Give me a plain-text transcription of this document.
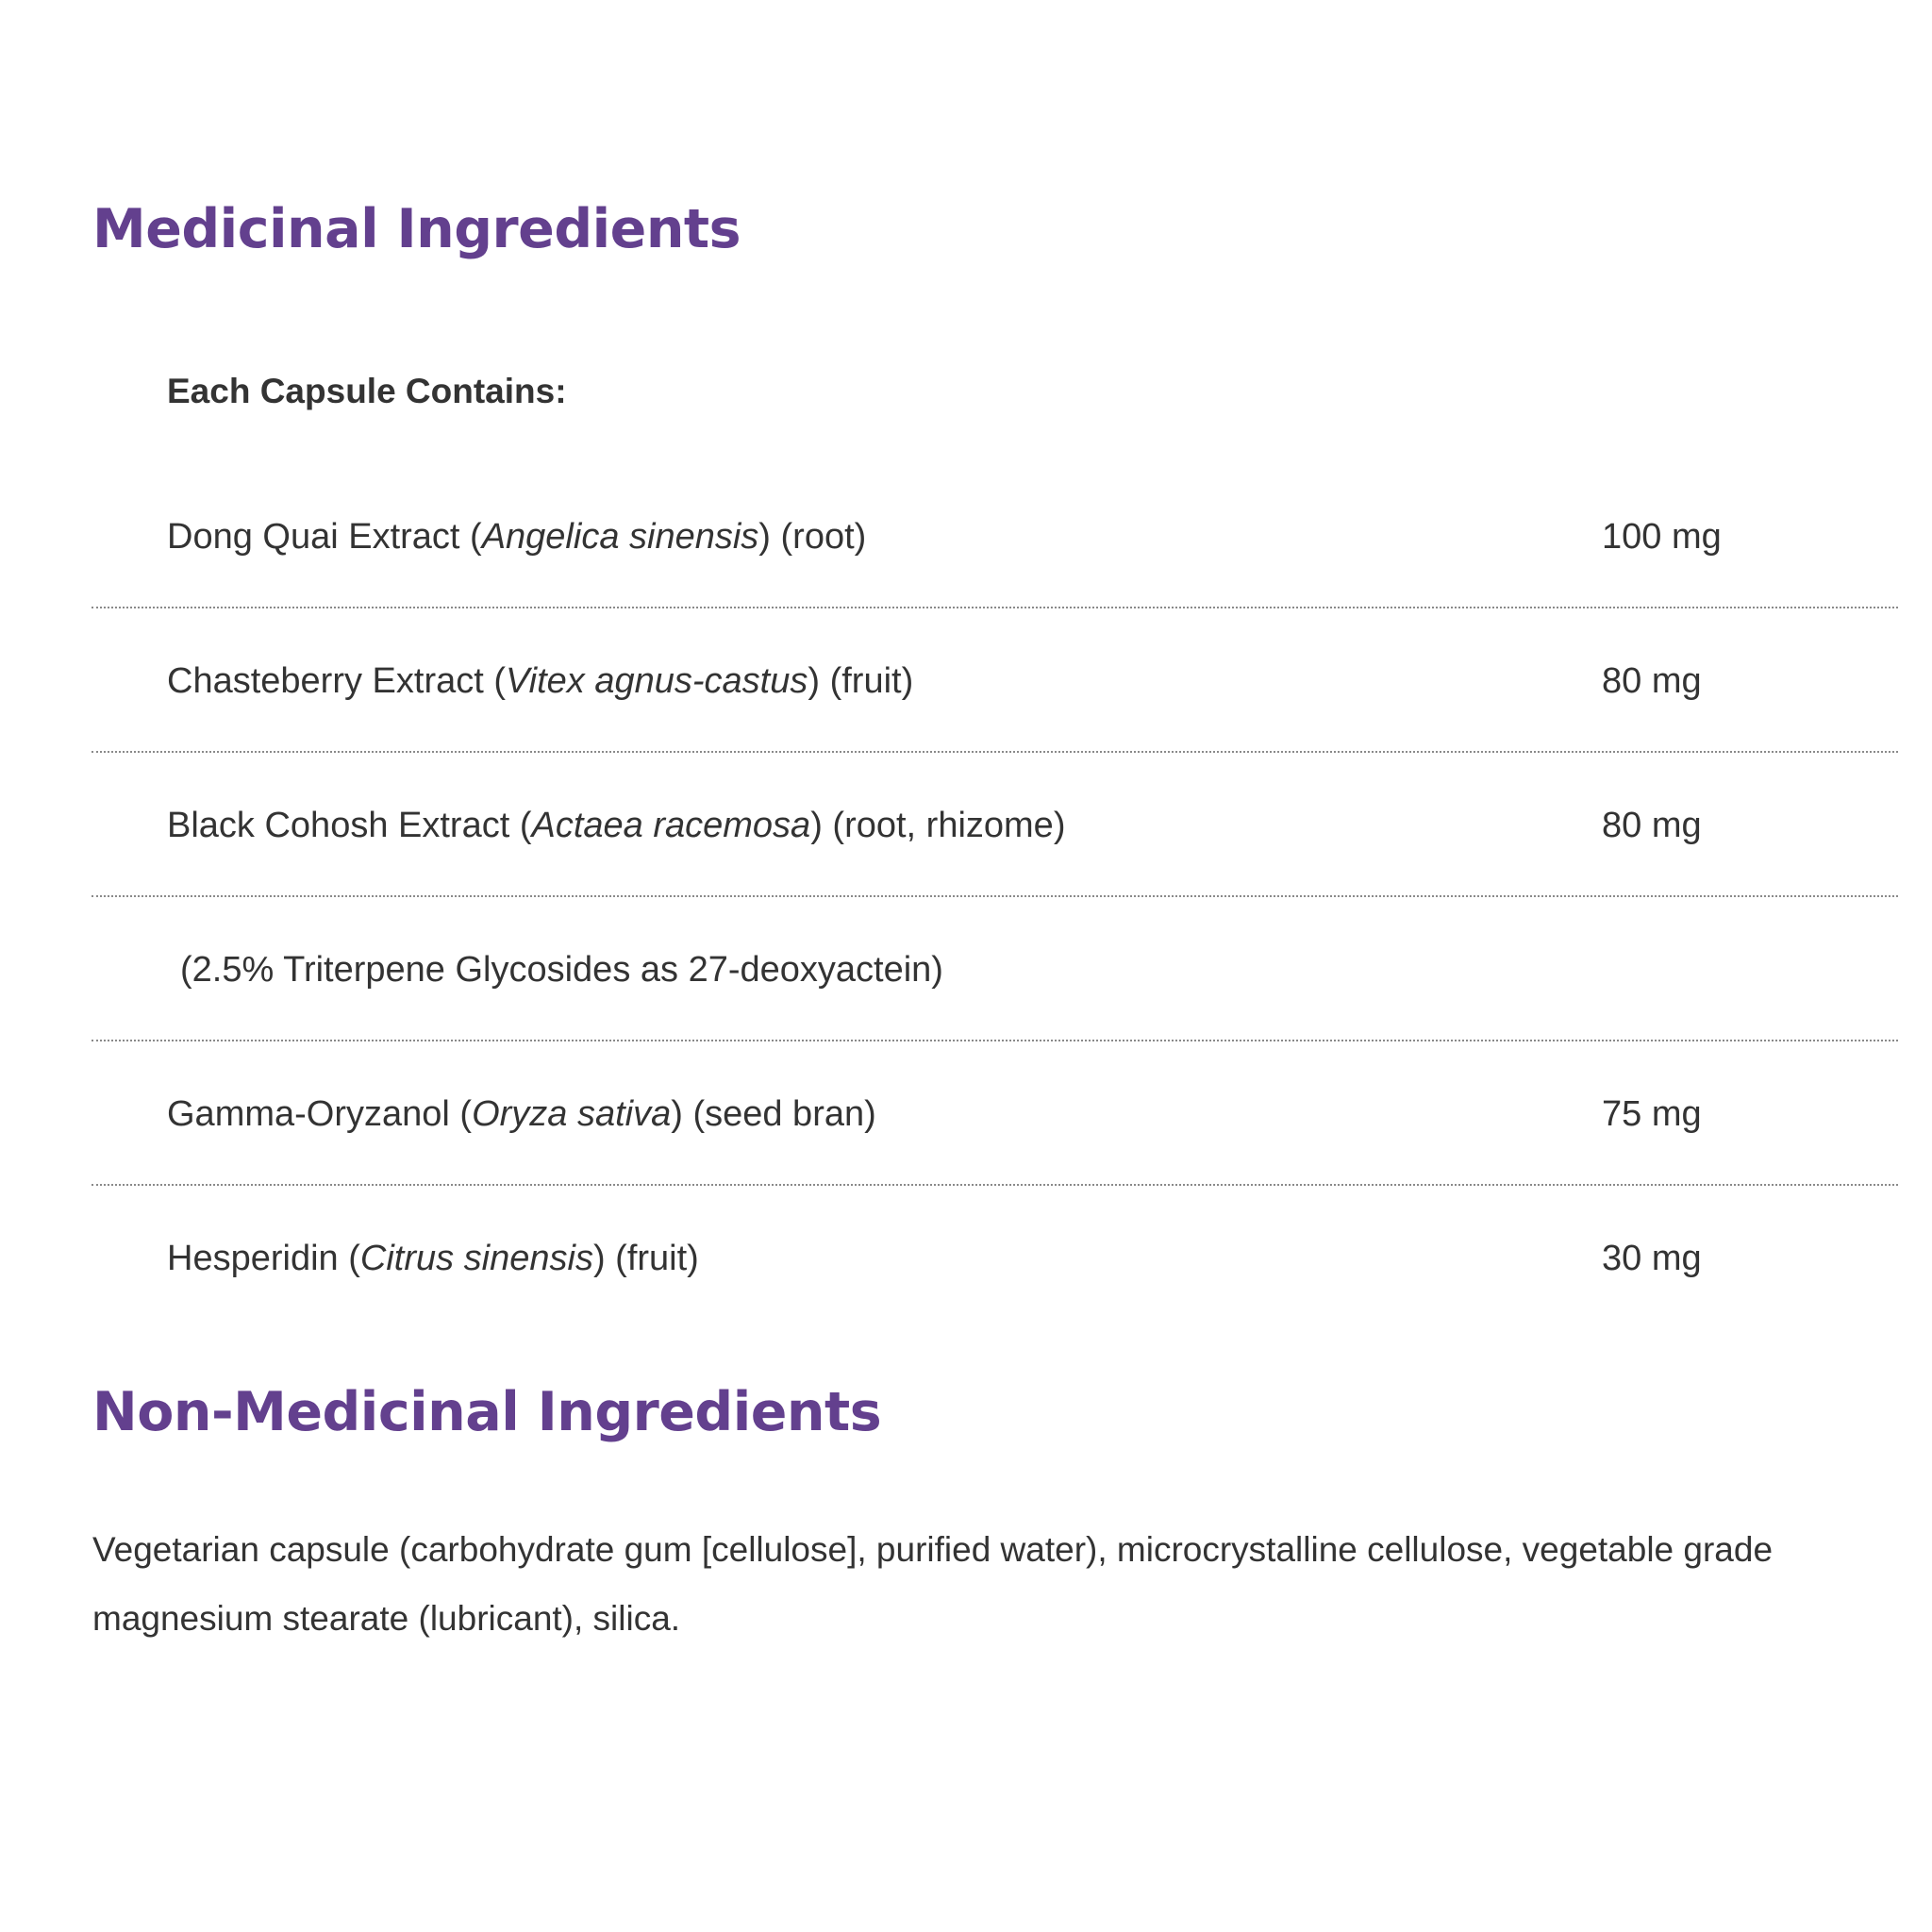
Medicinal Ingredients

Each Capsule Contains:

Dong Quai Extract (Angelica sinensis) (root)	100 mg
Chasteberry Extract (Vitex agnus-castus) (fruit)	80 mg
Black Cohosh Extract (Actaea racemosa) (root, rhizome)	80 mg
(2.5% Triterpene Glycosides as 27-deoxyactein)
Gamma-Oryzanol (Oryza sativa) (seed bran)	75 mg
Hesperidin (Citrus sinensis) (fruit)	30 mg
Non-Medicinal Ingredients

Vegetarian capsule (carbohydrate gum [cellulose], purified water), microcrystalline cellulose, vegetable grade magnesium stearate (lubricant), silica.
